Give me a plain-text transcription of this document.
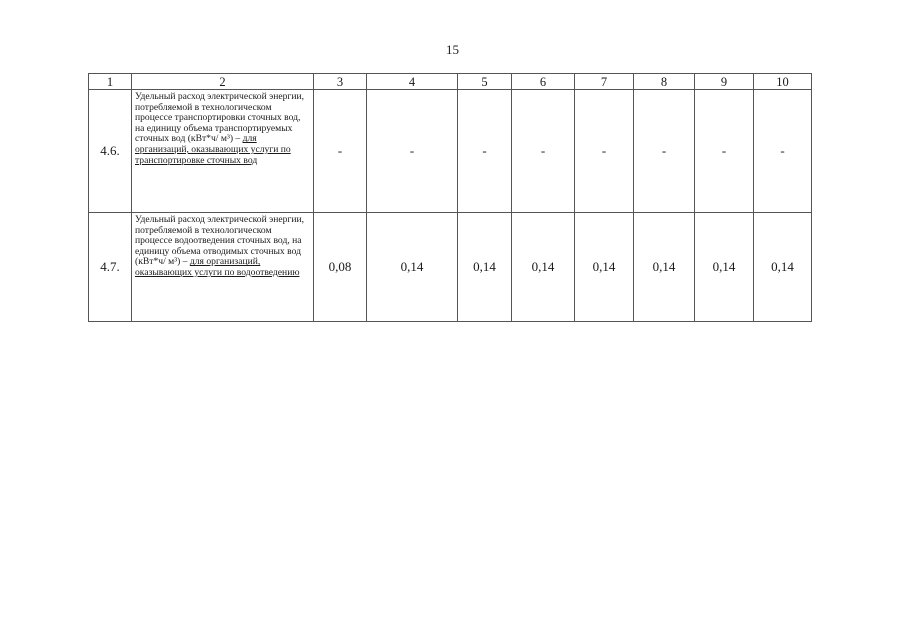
15
1	2	3	4	5	6	7	8	9	10
4.6.	Удельный расход электрической энергии, потребляемой в технологическом процессе транспортировки сточных вод, на единицу объема транспортируемых сточных вод (кВт*ч/ м³) – для организаций, оказывающих услуги по транспортировке сточных вод	-	-	-	-	-	-	-	-
4.7.	Удельный расход электрической энергии, потребляемой в технологическом процессе водоотведения сточных вод, на единицу объема отводимых сточных вод (кВт*ч/ м³) – для организаций, оказывающих услуги по водоотведению	0,08	0,14	0,14	0,14	0,14	0,14	0,14	0,14
